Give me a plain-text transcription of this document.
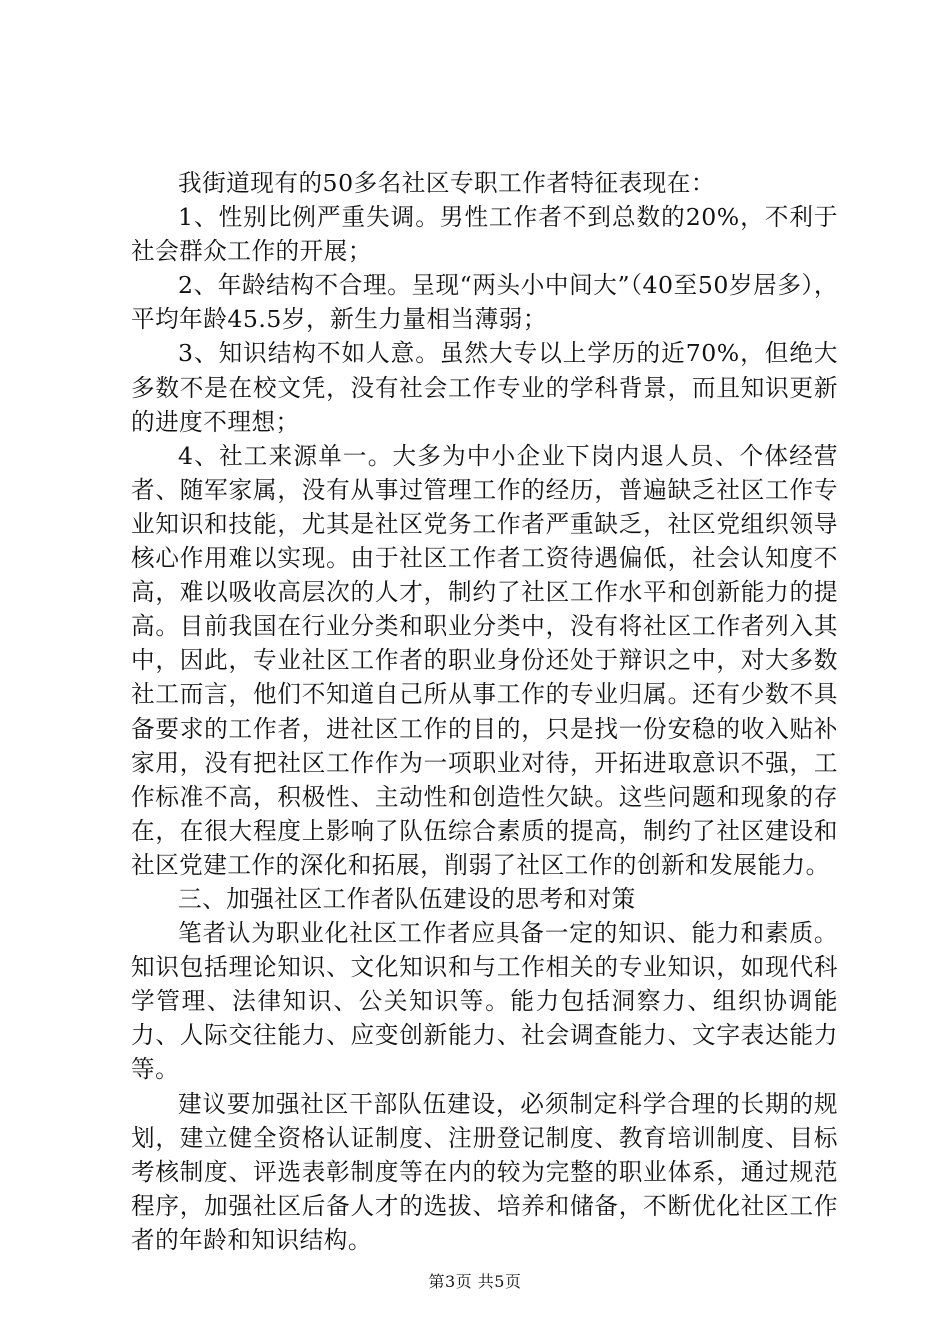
我街道现有的50多名社区专职工作者特征表现在：

1、性别比例严重失调。男性工作者不到总数的20%，不利于社会群众工作的开展；

2、年龄结构不合理。呈现“两头小中间大”（40至50岁居多），平均年龄45.5岁，新生力量相当薄弱；

3、知识结构不如人意。虽然大专以上学历的近70%，但绝大多数不是在校文凭，没有社会工作专业的学科背景，而且知识更新的进度不理想；

4、社工来源单一。大多为中小企业下岗内退人员、个体经营者、随军家属，没有从事过管理工作的经历，普遍缺乏社区工作专业知识和技能，尤其是社区党务工作者严重缺乏，社区党组织领导核心作用难以实现。由于社区工作者工资待遇偏低，社会认知度不高，难以吸收高层次的人才，制约了社区工作水平和创新能力的提高。目前我国在行业分类和职业分类中，没有将社区工作者列入其中，因此，专业社区工作者的职业身份还处于辩识之中，对大多数社工而言，他们不知道自己所从事工作的专业归属。还有少数不具备要求的工作者，进社区工作的目的，只是找一份安稳的收入贴补家用，没有把社区工作作为一项职业对待，开拓进取意识不强，工作标准不高，积极性、主动性和创造性欠缺。这些问题和现象的存在，在很大程度上影响了队伍综合素质的提高，制约了社区建设和社区党建工作的深化和拓展，削弱了社区工作的创新和发展能力。

三、加强社区工作者队伍建设的思考和对策

笔者认为职业化社区工作者应具备一定的知识、能力和素质。知识包括理论知识、文化知识和与工作相关的专业知识，如现代科学管理、法律知识、公关知识等。能力包括洞察力、组织协调能力、人际交往能力、应变创新能力、社会调查能力、文字表达能力等。

建议要加强社区干部队伍建设，必须制定科学合理的长期的规划，建立健全资格认证制度、注册登记制度、教育培训制度、目标考核制度、评选表彰制度等在内的较为完整的职业体系，通过规范程序，加强社区后备人才的选拔、培养和储备，不断优化社区工作者的年龄和知识结构。

第3页 共5页
